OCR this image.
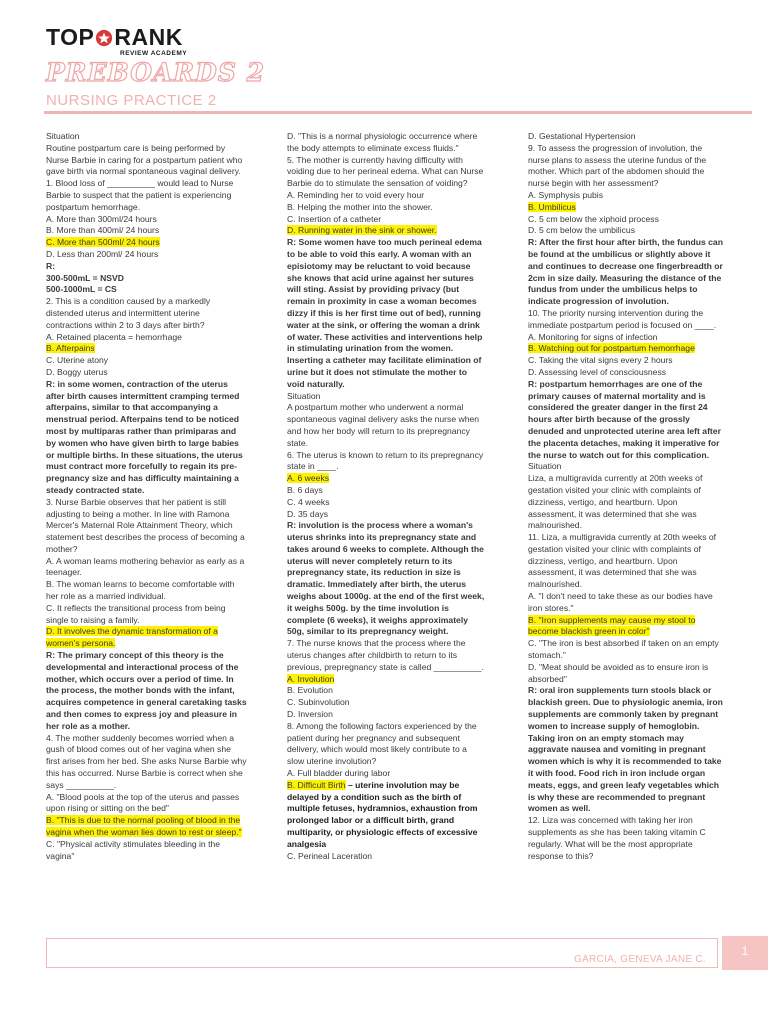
TOP RANK
REVIEW ACADEMY
PREBOARDS 2
NURSING PRACTICE 2

Situation

Routine postpartum care is being performed by Nurse Barbie in caring for a postpartum patient who gave birth via normal spontaneous vaginal delivery.

1. Blood loss of __________ would lead to Nurse Barbie to suspect that the patient is experiencing postpartum hemorrhage.

A. More than 300ml/24 hours

B. More than 400ml/ 24 hours

C. More than 500ml/ 24 hours

D. Less than 200ml/ 24 hours

R:

300-500mL = NSVD

500-1000mL = CS

2. This is a condition caused by a markedly distended uterus and intermittent uterine contractions within 2 to 3 days after birth?

A. Retained placenta = hemorrhage

B. Afterpains

C. Uterine atony

D. Boggy uterus

R: in some women, contraction of the uterus after birth causes intermittent cramping termed afterpains, similar to that accompanying a menstrual period. Afterpains tend to be noticed most by multiparas rather than primiparas and by women who have given birth to large babies or multiple births. In these situations, the uterus must contract more forcefully to regain its pre-pregnancy size and has difficulty maintaining a steady contracted state.

3. Nurse Barbie observes that her patient is still adjusting to being a mother. In line with Ramona Mercer's Maternal Role Attainment Theory, which statement best describes the process of becoming a mother?

A. A woman learns mothering behavior as early as a teenager.

B. The woman learns to become comfortable with her role as a married individual.

C. It reflects the transitional process from being single to raising a family.

D. It involves the dynamic transformation of a women's persona.

R: The primary concept of this theory is the developmental and interactional process of the mother, which occurs over a period of time. In the process, the mother bonds with the infant, acquires competence in general caretaking tasks and then comes to express joy and pleasure in her role as a mother.

4. The mother suddenly becomes worried when a gush of blood comes out of her vagina when she first arises from her bed. She asks Nurse Barbie why this has occurred. Nurse Barbie is correct when she says __________.

A. "Blood pools at the top of the uterus and passes upon rising or sitting on the bed"

B. "This is due to the normal pooling of blood in the vagina when the woman lies down to rest or sleep."

C. "Physical activity stimulates bleeding in the vagina"

D. "This is a normal physiologic occurrence where the body attempts to eliminate excess fluids."

5. The mother is currently having difficulty with voiding due to her perineal edema. What can Nurse Barbie do to stimulate the sensation of voiding?

A. Reminding her to void every hour

B. Helping the mother into the shower.

C. Insertion of a catheter

D. Running water in the sink or shower.

R: Some women have too much perineal edema to be able to void this early. A woman with an episiotomy may be reluctant to void because she knows that acid urine against her sutures will sting. Assist by providing privacy (but remain in proximity in case a woman becomes dizzy if this is her first time out of bed), running water at the sink, or offering the woman a drink of water. These activities and interventions help in stimulating urination from the women. Inserting a catheter may facilitate elimination of urine but it does not stimulate the mother to void naturally.

Situation

A postpartum mother who underwent a normal spontaneous vaginal delivery asks the nurse when and how her body will return to its prepregnancy state.

6. The uterus is known to return to its prepregnancy state in ____.

A. 6 weeks

B. 6 days

C. 4 weeks

D. 35 days

R: involution is the process where a woman's uterus shrinks into its prepregnancy state and takes around 6 weeks to complete. Although the uterus will never completely return to its prepregnancy state, its reduction in size is dramatic. Immediately after birth, the uterus weighs about 1000g. at the end of the first week, it weighs 500g. by the time involution is complete (6 weeks), it weighs approximately 50g, similar to its prepregnancy weight.

7. The nurse knows that the process where the uterus changes after childbirth to return to its previous, prepregnancy state is called __________.

A. Involution

B. Evolution

C. Subinvolution

D. Inversion

8. Among the following factors experienced by the patient during her pregnancy and subsequent delivery, which would most likely contribute to a slow uterine involution?

A. Full bladder during labor

B. Difficult Birth – uterine involution may be delayed by a condition such as the birth of multiple fetuses, hydramnios, exhaustion from prolonged labor or a difficult birth, grand multiparity, or physiologic effects of excessive analgesia

C. Perineal Laceration

D. Gestational Hypertension

9. To assess the progression of involution, the nurse plans to assess the uterine fundus of the mother. Which part of the abdomen should the nurse begin with her assessment?

A. Symphysis pubis

B. Umbilicus

C. 5 cm below the xiphoid process

D. 5 cm below the umbilicus

R: After the first hour after birth, the fundus can be found at the umbilicus or slightly above it and continues to decrease one fingerbreadth or 2cm in size daily. Measuring the distance of the fundus from under the umbilicus helps to indicate progression of involution.

10. The priority nursing intervention during the immediate postpartum period is focused on ____.

A. Monitoring for signs of infection

B. Watching out for postpartum hemorrhage

C. Taking the vital signs every 2 hours

D. Assessing level of consciousness

R: postpartum hemorrhages are one of the primary causes of maternal mortality and is considered the greater danger in the first 24 hours after birth because of the grossly denuded and unprotected uterine area left after the placenta detaches, making it imperative for the nurse to watch out for this complication.

Situation

Liza, a multigravida currently at 20th weeks of gestation visited your clinic with complaints of dizziness, vertigo, and heartburn. Upon assessment, it was determined that she was malnourished.

11. Liza, a multigravida currently at 20th weeks of gestation visited your clinic with complaints of dizziness, vertigo, and heartburn. Upon assessment, it was determined that she was malnourished.

A. "I don't need to take these as our bodies have iron stores."

B. "Iron supplements may cause my stool to become blackish green in color"

C. "The iron is best absorbed if taken on an empty stomach."

D. "Meat should be avoided as to ensure iron is absorbed"

R: oral iron supplements turn stools black or blackish green. Due to physiologic anemia, iron supplements are commonly taken by pregnant women to increase supply of hemoglobin. Taking iron on an empty stomach may aggravate nausea and vomiting in pregnant women which is why it is recommended to take it with food. Food rich in iron include organ meats, eggs, and green leafy vegetables which is why these are recommended to pregnant women as well.

12. Liza was concerned with taking her iron supplements as she has been taking vitamin C regularly. What will be the most appropriate response to this?

GARCIA, GENEVA JANE C.
1
